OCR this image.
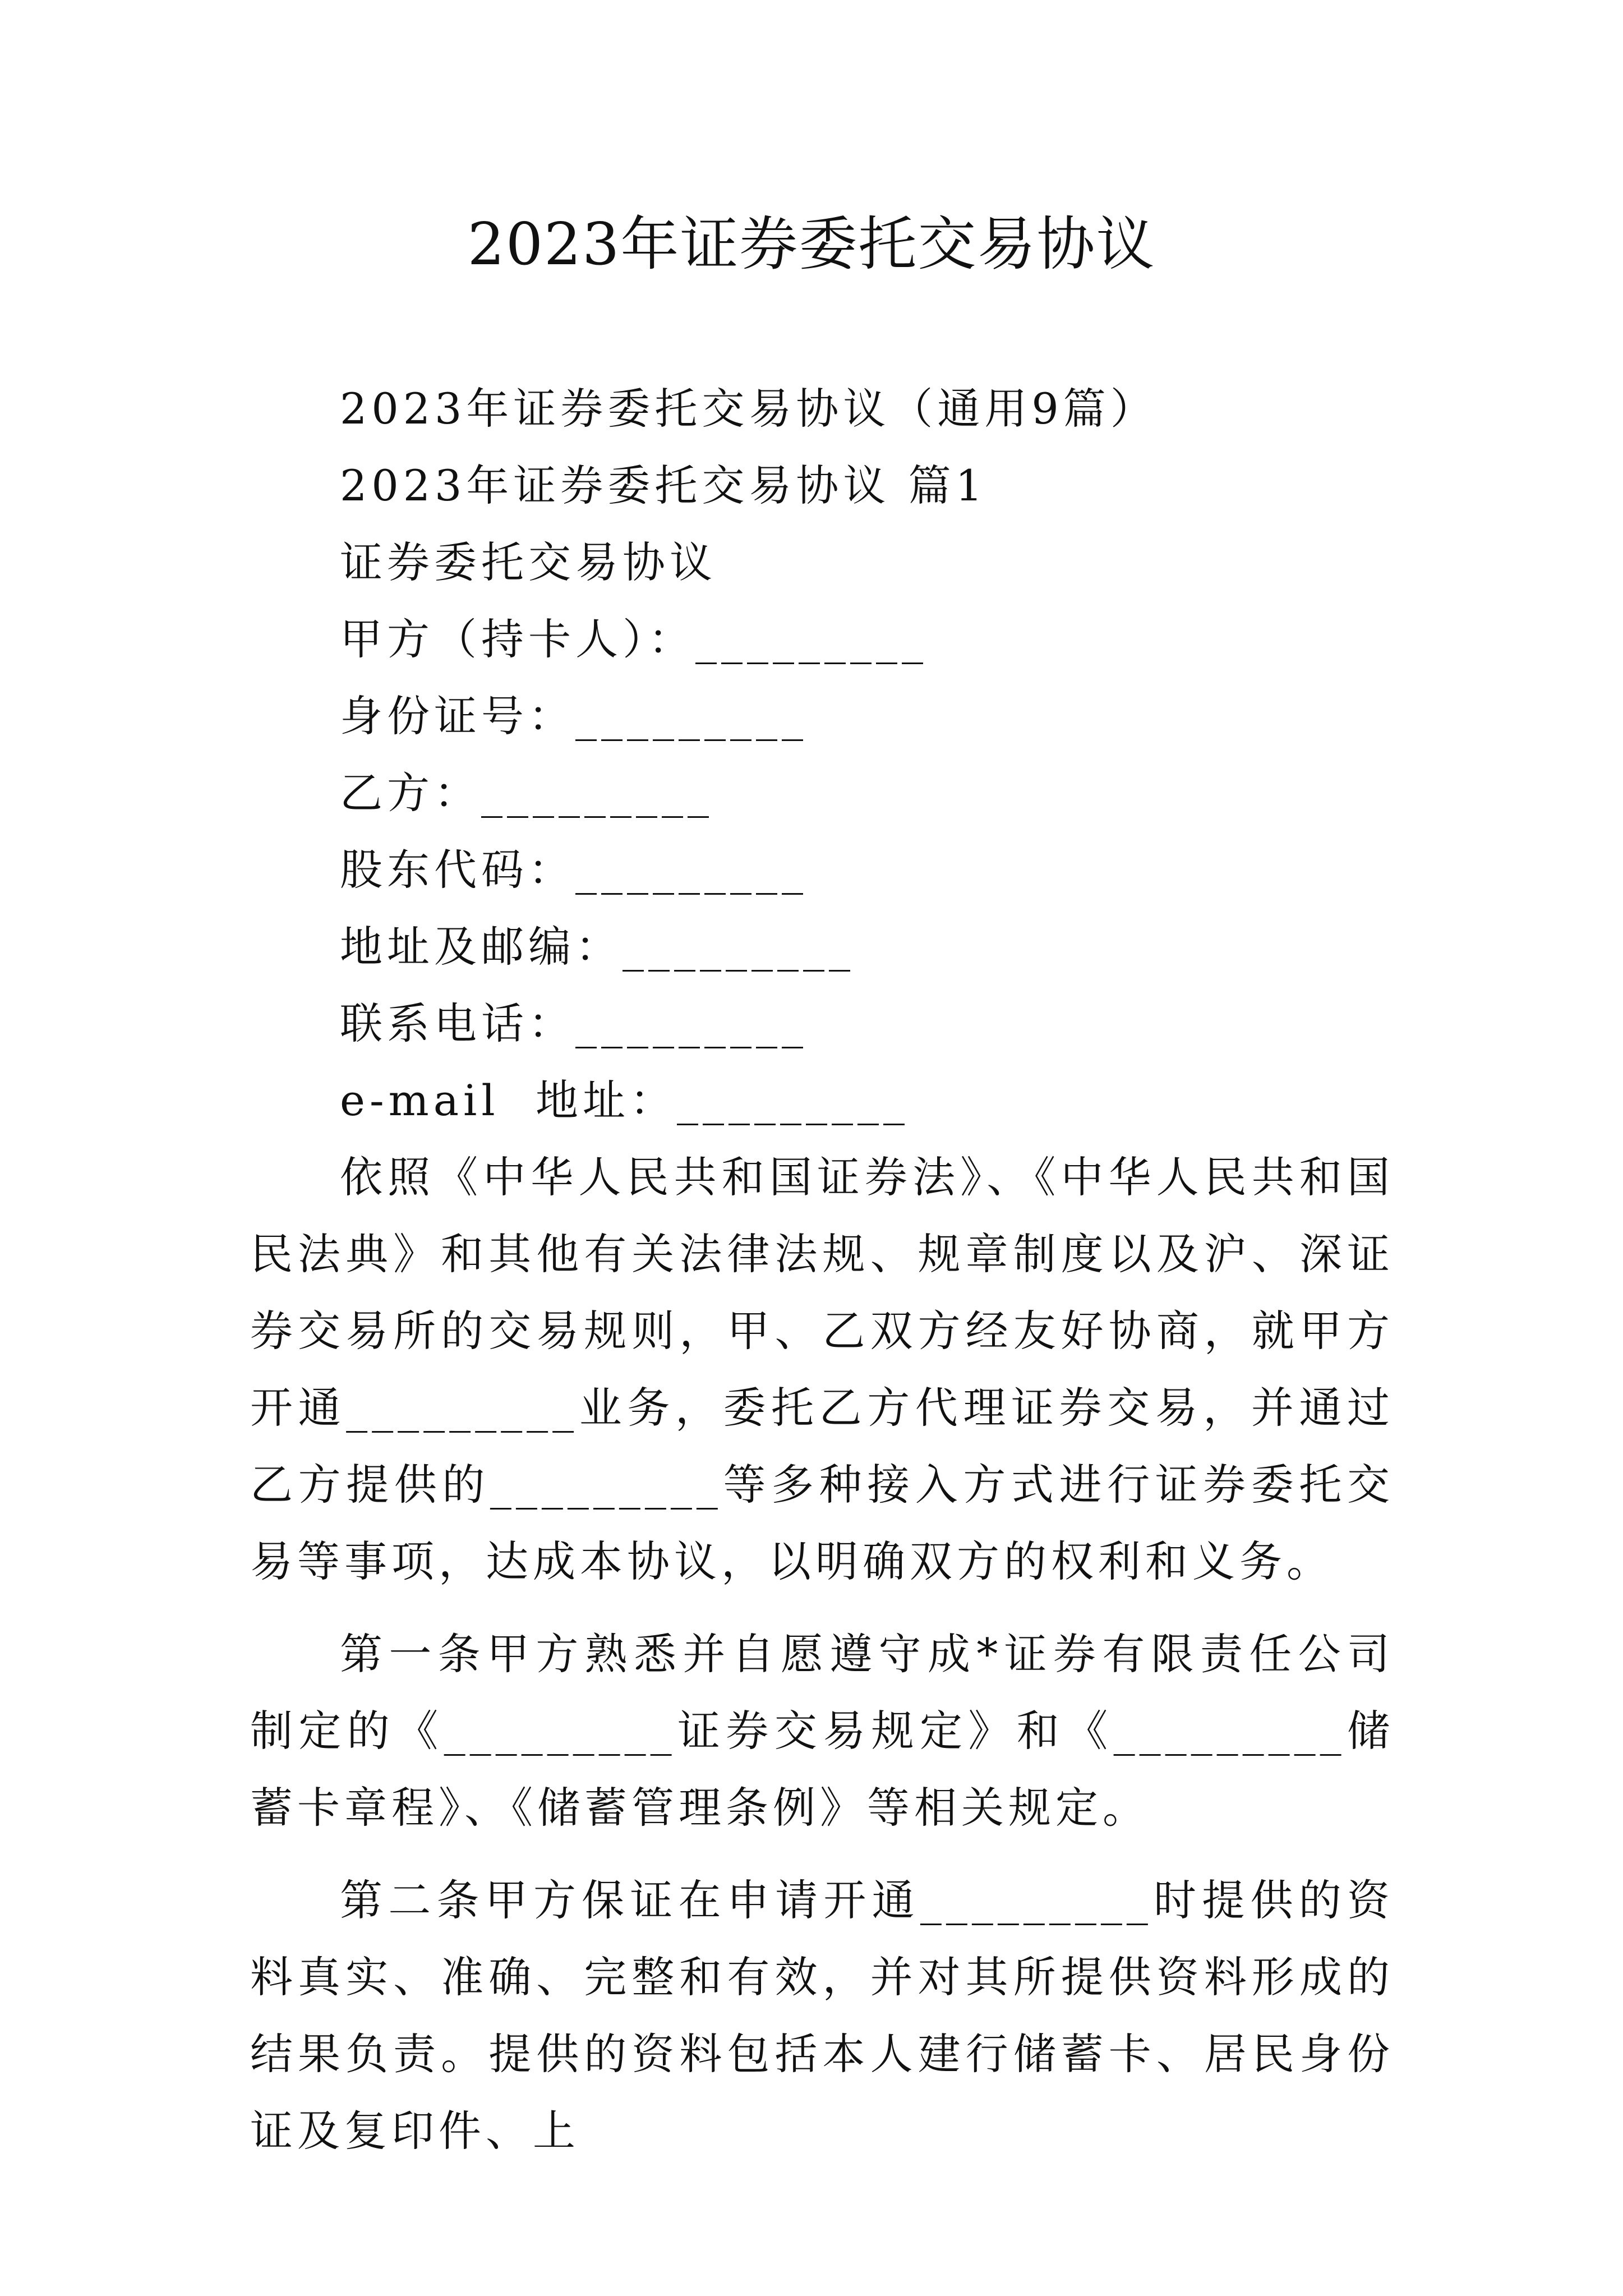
2023年证券委托交易协议
2023年证券委托交易协议（通用9篇）
2023年证券委托交易协议 篇1
证券委托交易协议
甲方（持卡人）：_________
身份证号：_________
乙方：_________
股东代码：_________
地址及邮编：_________
联系电话：_________
e-mail  地址：_________

依照《中华人民共和国证券法》、《中华人民共和国民法典》和其他有关法律法规、规章制度以及沪、深证券交易所的交易规则，甲、乙双方经友好协商，就甲方开通_________业务，委托乙方代理证券交易，并通过乙方提供的_________等多种接入方式进行证券委托交易等事项，达成本协议，以明确双方的权利和义务。

第一条甲方熟悉并自愿遵守成*证券有限责任公司制定的《_________证券交易规定》和《_________储蓄卡章程》、《储蓄管理条例》等相关规定。

第二条甲方保证在申请开通_________时提供的资料真实、准确、完整和有效，并对其所提供资料形成的结果负责。提供的资料包括本人建行储蓄卡、居民身份证及复印件、上
